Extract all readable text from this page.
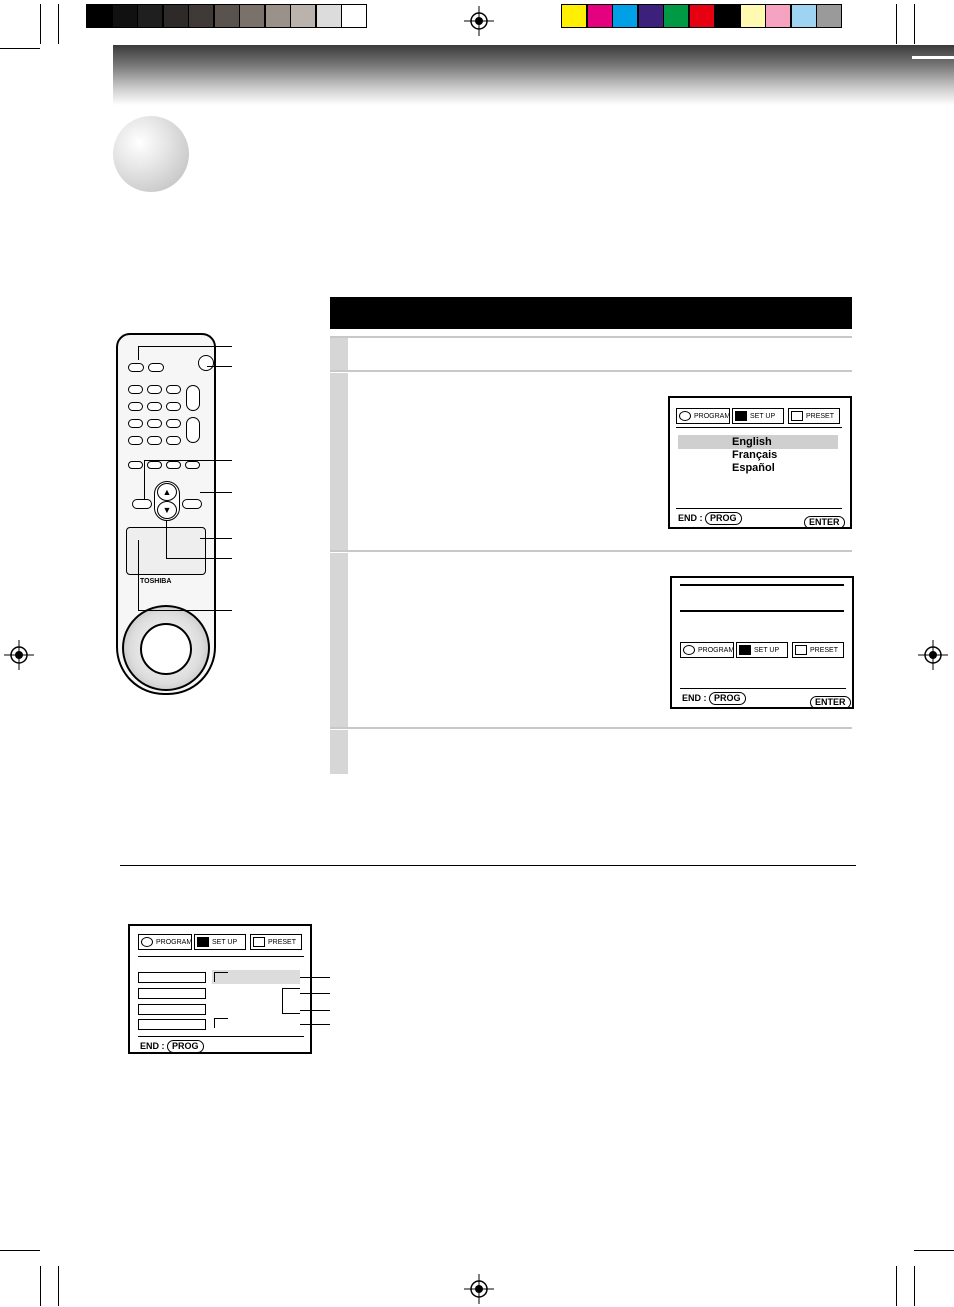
▲
▼
TOSHIBA
PROGRAM	SET UP	PRESET
English
Français
Español
END : PROG	ENTER
PROGRAM	SET UP	PRESET
END : PROG	ENTER
PROGRAM	SET UP	PRESET
END : PROG
